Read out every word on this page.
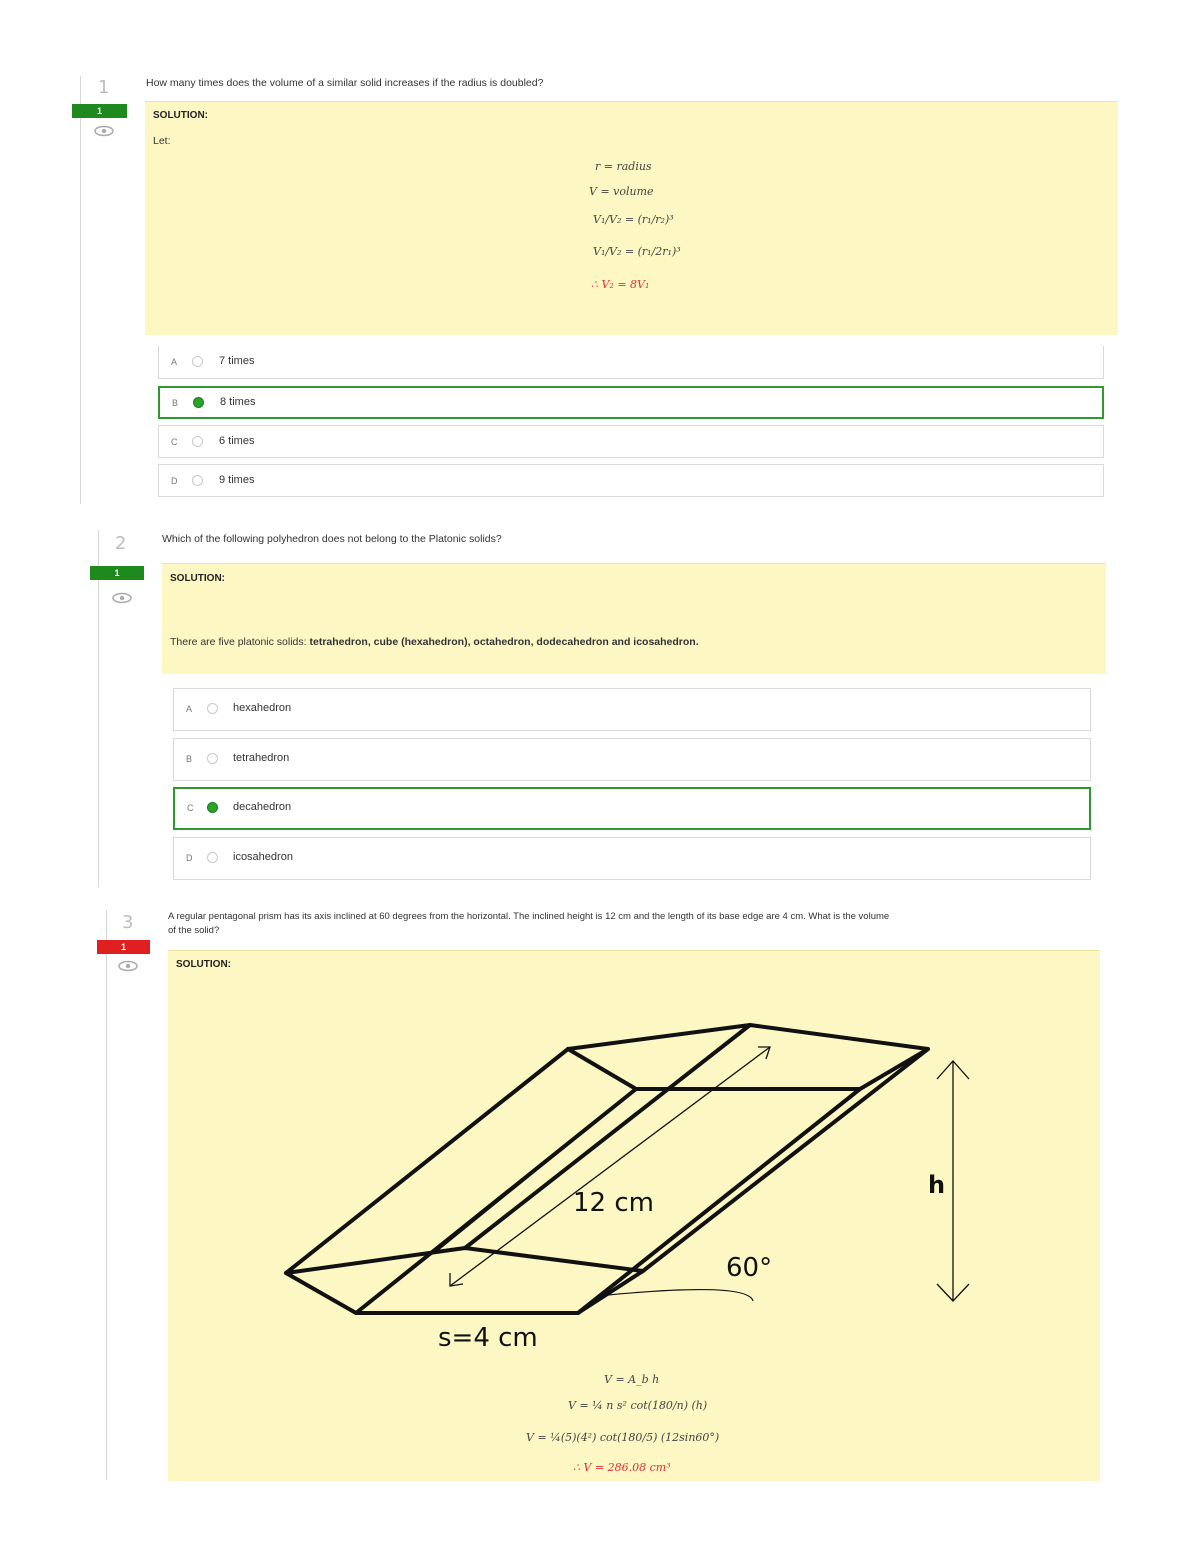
1
1
How many times does the volume of a similar solid increases if the radius is doubled?
SOLUTION:
Let:
r = radius
V = volume
V₁/V₂ = (r₁/r₂)³
V₁/V₂ = (r₁/2r₁)³
∴ V₂ = 8V₁
A	7 times
B	8 times
C	6 times
D	9 times
2
1
Which of the following polyhedron does not belong to the Platonic solids?
SOLUTION:
There are five platonic solids: tetrahedron, cube (hexahedron), octahedron, dodecahedron and icosahedron.
A	hexahedron
B	tetrahedron
C	decahedron
D	icosahedron
3
1
A regular pentagonal prism has its axis inclined at 60 degrees from the horizontal. The inclined height is 12 cm and the length of its base edge are 4 cm. What is the volume
of the solid?
SOLUTION:
12 cm
h
60°
s=4 cm
V = A_b h
V = ¼ n s² cot(180/n) (h)
V = ¼(5)(4²) cot(180/5) (12sin60°)
∴ V = 286.08 cm³
